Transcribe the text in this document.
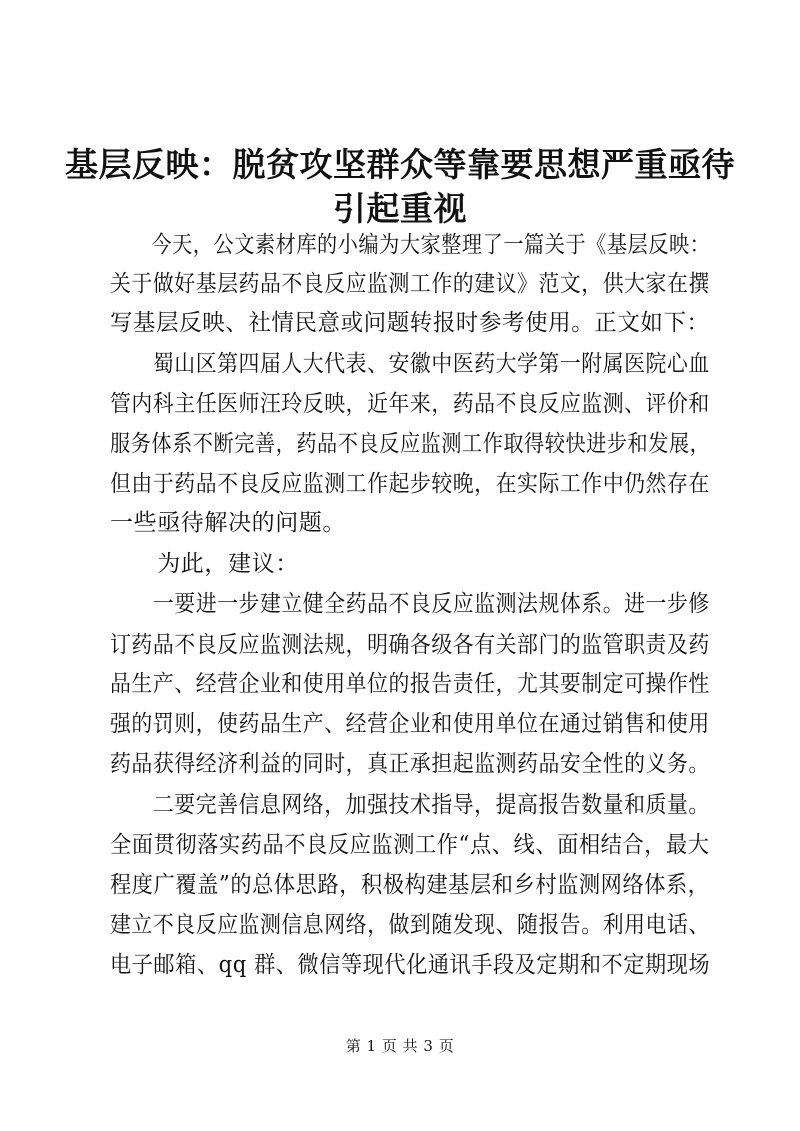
基层反映：脱贫攻坚群众等靠要思想严重亟待
引起重视
　　今天，公文素材库的小编为大家整理了一篇关于《基层反映：
关于做好基层药品不良反应监测工作的建议》范文，供大家在撰
写基层反映、社情民意或问题转报时参考使用。正文如下：
　　蜀山区第四届人大代表、安徽中医药大学第一附属医院心血
管内科主任医师汪玲反映，近年来，药品不良反应监测、评价和
服务体系不断完善，药品不良反应监测工作取得较快进步和发展，
但由于药品不良反应监测工作起步较晚，在实际工作中仍然存在
一些亟待解决的问题。
　　为此，建议：
　　一要进一步建立健全药品不良反应监测法规体系。进一步修
订药品不良反应监测法规，明确各级各有关部门的监管职责及药
品生产、经营企业和使用单位的报告责任，尤其要制定可操作性
强的罚则，使药品生产、经营企业和使用单位在通过销售和使用
药品获得经济利益的同时，真正承担起监测药品安全性的义务。
　　二要完善信息网络，加强技术指导，提高报告数量和质量。
全面贯彻落实药品不良反应监测工作“点、线、面相结合，最大
程度广覆盖”的总体思路，积极构建基层和乡村监测网络体系，
建立不良反应监测信息网络，做到随发现、随报告。利用电话、
电子邮箱、qq 群、微信等现代化通讯手段及定期和不定期现场
第 1 页 共 3 页
